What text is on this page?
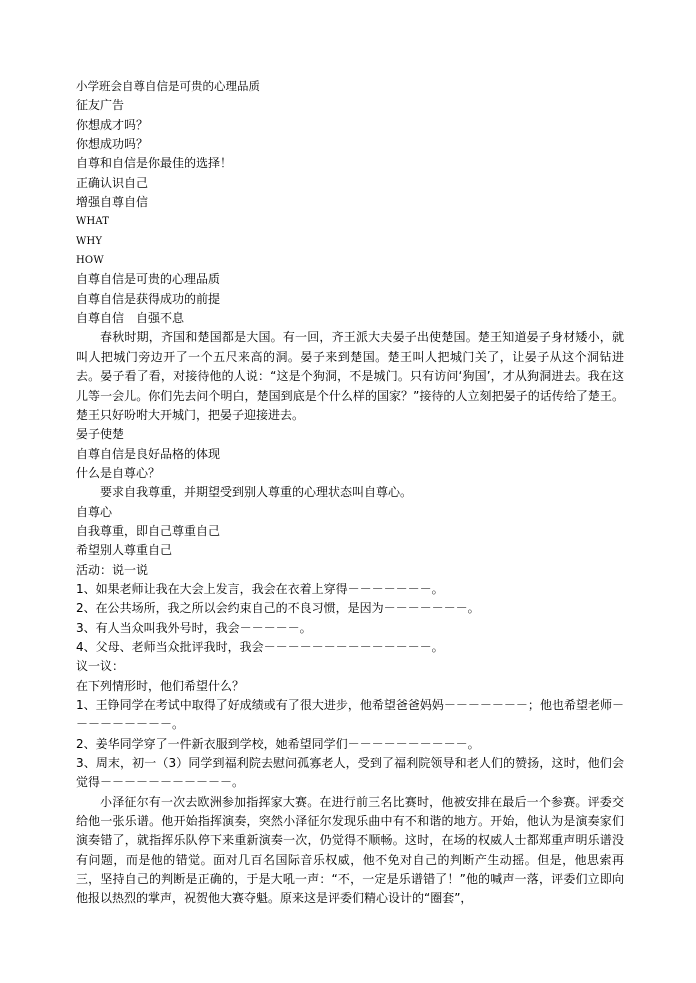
小学班会自尊自信是可贵的心理品质
征友广告
你想成才吗？
你想成功吗？
自尊和自信是你最佳的选择！
正确认识自己
增强自尊自信
WHAT
WHY
HOW
自尊自信是可贵的心理品质
自尊自信是获得成功的前提
自尊自信　自强不息
春秋时期，齐国和楚国都是大国。有一回，齐王派大夫晏子出使楚国。楚王知道晏子身材矮小，就叫人把城门旁边开了一个五尺来高的洞。晏子来到楚国。楚王叫人把城门关了，让晏子从这个洞钻进去。晏子看了看，对接待他的人说：“这是个狗洞，不是城门。只有访问‘狗国’，才从狗洞进去。我在这儿等一会儿。你们先去问个明白，楚国到底是个什么样的国家？”接待的人立刻把晏子的话传给了楚王。楚王只好吩咐大开城门，把晏子迎接进去。
晏子使楚
自尊自信是良好品格的体现
什么是自尊心？
要求自我尊重，并期望受到别人尊重的心理状态叫自尊心。
自尊心
自我尊重，即自己尊重自己
希望别人尊重自己
活动：说一说
1、如果老师让我在大会上发言，我会在衣着上穿得－－－－－－－。
2、在公共场所，我之所以会约束自己的不良习惯，是因为－－－－－－－。
3、有人当众叫我外号时，我会－－－－－。
4、父母、老师当众批评我时，我会－－－－－－－－－－－－－－。
议一议：
在下列情形时，他们希望什么？
1、王铮同学在考试中取得了好成绩或有了很大进步，他希望爸爸妈妈－－－－－－－；他也希望老师－－－－－－－－－。
2、姜华同学穿了一件新衣服到学校，她希望同学们－－－－－－－－－－。
3、周末，初一（3）同学到福利院去慰问孤寡老人，受到了福利院领导和老人们的赞扬，这时，他们会觉得－－－－－－－－－－－。
小泽征尔有一次去欧洲参加指挥家大赛。在进行前三名比赛时，他被安排在最后一个参赛。评委交给他一张乐谱。他开始指挥演奏，突然小泽征尔发现乐曲中有不和谐的地方。开始，他认为是演奏家们演奏错了，就指挥乐队停下来重新演奏一次，仍觉得不顺畅。这时，在场的权威人士都郑重声明乐谱没有问题，而是他的错觉。面对几百名国际音乐权威，他不免对自己的判断产生动摇。但是，他思索再三，坚持自己的判断是正确的，于是大吼一声：“不，一定是乐谱错了！”他的喊声一落，评委们立即向他报以热烈的掌声，祝贺他大赛夺魁。原来这是评委们精心设计的“圈套”，
